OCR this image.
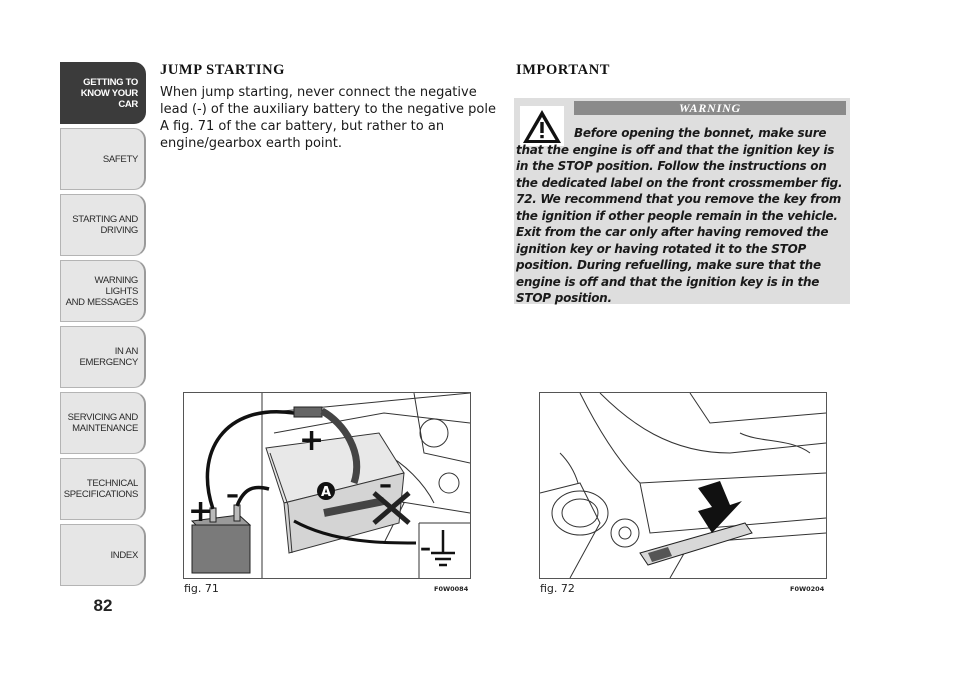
GETTING TO
KNOW YOUR CAR
SAFETY
STARTING AND
DRIVING
WARNING LIGHTS
AND MESSAGES
IN AN EMERGENCY
SERVICING AND
MAINTENANCE
TECHNICAL
SPECIFICATIONS
INDEX
82
JUMP STARTING
When jump starting, never connect the negative lead (-) of the auxiliary battery to the negative pole A fig. 71 of the car battery, but rather to an engine/gearbox earth point.
IMPORTANT
WARNING
Before opening the bonnet, make sure that the engine is off and that the ignition key is in the STOP position. Follow the instructions on the dedicated label on the front crossmember fig. 72. We recommend that you remove the key from the ignition if other people remain in the vehicle. Exit from the car only after having removed the ignition key or having rotated it to the STOP position. During refuelling, make sure that the engine is off and that the ignition key is in the STOP position.
+
+ –	–
–
A
fig. 71	F0W0084	fig. 72	F0W0204
